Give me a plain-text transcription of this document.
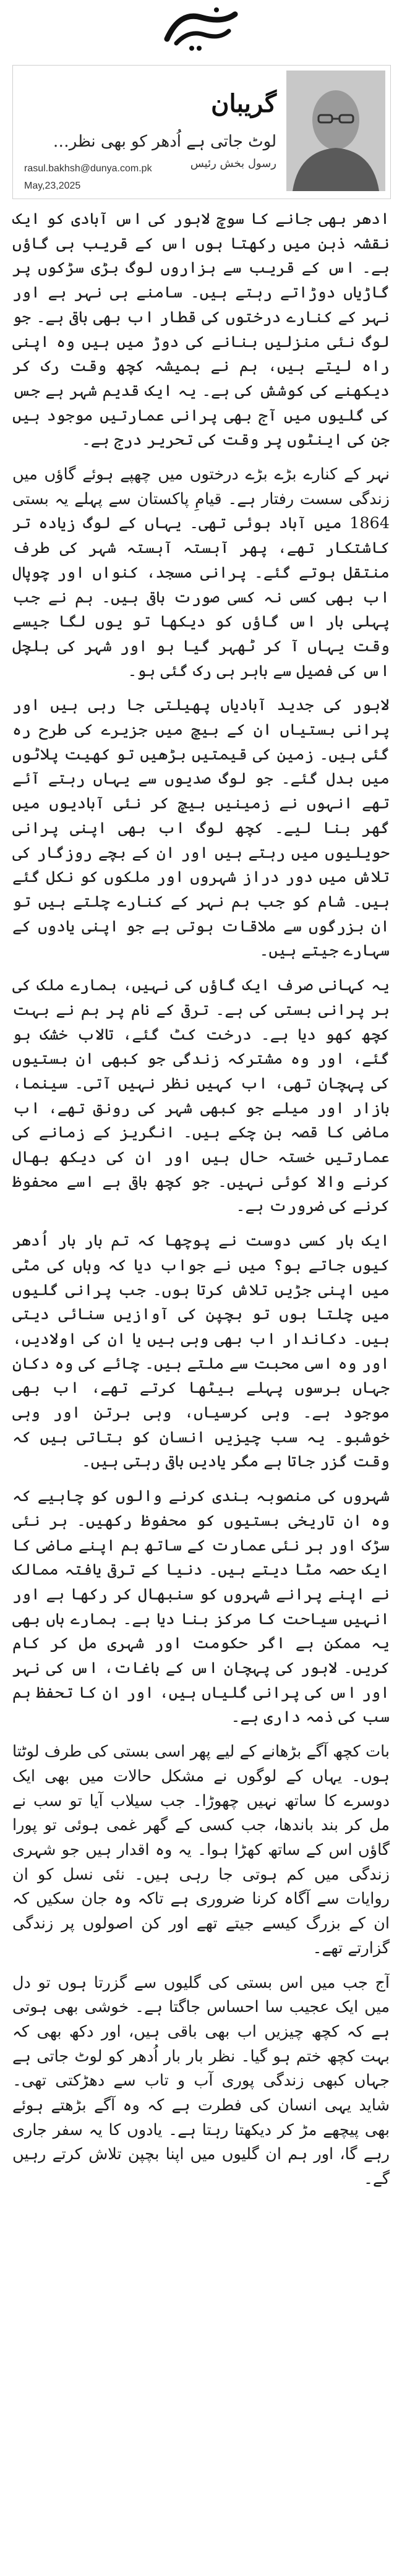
گریبان
لوٹ جاتی ہے اُدھر کو بھی نظر…
رسول بخش رئیس
rasul.bakhsh@dunya.com.pk
May,23,2025

ادھر بھی جانے کا سوچ لاہور کی اس آبادی کو ایک نقشہ ذہن میں رکھتا ہوں اس کے قریب ہی گاؤں ہے۔ اس کے قریب سے ہزاروں لوگ بڑی سڑکوں پر گاڑیاں دوڑاتے رہتے ہیں۔ سامنے ہی نہر ہے اور نہر کے کنارے درختوں کی قطار اب بھی باقی ہے۔ جو لوگ نئی منزلیں بنانے کی دوڑ میں ہیں وہ اپنی راہ لیتے ہیں، ہم نے ہمیشہ کچھ وقت رک کر دیکھنے کی کوشش کی ہے۔ یہ ایک قدیم شہر ہے جس کی گلیوں میں آج بھی پرانی عمارتیں موجود ہیں جن کی اینٹوں پر وقت کی تحریر درج ہے۔

نہر کے کنارے بڑے بڑے درختوں میں چھپے ہوئے گاؤں میں زندگی سست رفتار ہے۔ قیامِ پاکستان سے پہلے یہ بستی 1864 میں آباد ہوئی تھی۔ یہاں کے لوگ زیادہ تر کاشتکار تھے، پھر آہستہ آہستہ شہر کی طرف منتقل ہوتے گئے۔ پرانی مسجد، کنواں اور چوپال اب بھی کسی نہ کسی صورت باقی ہیں۔ ہم نے جب پہلی بار اس گاؤں کو دیکھا تو یوں لگا جیسے وقت یہاں آ کر ٹھہر گیا ہو اور شہر کی ہلچل اس کی فصیل سے باہر ہی رک گئی ہو۔

لاہور کی جدید آبادیاں پھیلتی جا رہی ہیں اور پرانی بستیاں ان کے بیچ میں جزیرے کی طرح رہ گئی ہیں۔ زمین کی قیمتیں بڑھیں تو کھیت پلاٹوں میں بدل گئے۔ جو لوگ صدیوں سے یہاں رہتے آئے تھے انہوں نے زمینیں بیچ کر نئی آبادیوں میں گھر بنا لیے۔ کچھ لوگ اب بھی اپنی پرانی حویلیوں میں رہتے ہیں اور ان کے بچے روزگار کی تلاش میں دور دراز شہروں اور ملکوں کو نکل گئے ہیں۔ شام کو جب ہم نہر کے کنارے چلتے ہیں تو ان بزرگوں سے ملاقات ہوتی ہے جو اپنی یادوں کے سہارے جیتے ہیں۔

یہ کہانی صرف ایک گاؤں کی نہیں، ہمارے ملک کی ہر پرانی بستی کی ہے۔ ترقی کے نام پر ہم نے بہت کچھ کھو دیا ہے۔ درخت کٹ گئے، تالاب خشک ہو گئے، اور وہ مشترکہ زندگی جو کبھی ان بستیوں کی پہچان تھی، اب کہیں نظر نہیں آتی۔ سینما، بازار اور میلے جو کبھی شہر کی رونق تھے، اب ماضی کا قصہ بن چکے ہیں۔ انگریز کے زمانے کی عمارتیں خستہ حال ہیں اور ان کی دیکھ بھال کرنے والا کوئی نہیں۔ جو کچھ باقی ہے اسے محفوظ کرنے کی ضرورت ہے۔

ایک بار کسی دوست نے پوچھا کہ تم بار بار اُدھر کیوں جاتے ہو؟ میں نے جواب دیا کہ وہاں کی مٹی میں اپنی جڑیں تلاش کرتا ہوں۔ جب پرانی گلیوں میں چلتا ہوں تو بچپن کی آوازیں سنائی دیتی ہیں۔ دکاندار اب بھی وہی ہیں یا ان کی اولادیں، اور وہ اسی محبت سے ملتے ہیں۔ چائے کی وہ دکان جہاں برسوں پہلے بیٹھا کرتے تھے، اب بھی موجود ہے۔ وہی کرسیاں، وہی برتن اور وہی خوشبو۔ یہ سب چیزیں انسان کو بتاتی ہیں کہ وقت گزر جاتا ہے مگر یادیں باقی رہتی ہیں۔

شہروں کی منصوبہ بندی کرنے والوں کو چاہیے کہ وہ ان تاریخی بستیوں کو محفوظ رکھیں۔ ہر نئی سڑک اور ہر نئی عمارت کے ساتھ ہم اپنے ماضی کا ایک حصہ مٹا دیتے ہیں۔ دنیا کے ترقی یافتہ ممالک نے اپنے پرانے شہروں کو سنبھال کر رکھا ہے اور انہیں سیاحت کا مرکز بنا دیا ہے۔ ہمارے ہاں بھی یہ ممکن ہے اگر حکومت اور شہری مل کر کام کریں۔ لاہور کی پہچان اس کے باغات، اس کی نہر اور اس کی پرانی گلیاں ہیں، اور ان کا تحفظ ہم سب کی ذمہ داری ہے۔

بات کچھ آگے بڑھانے کے لیے پھر اسی بستی کی طرف لوٹتا ہوں۔ یہاں کے لوگوں نے مشکل حالات میں بھی ایک دوسرے کا ساتھ نہیں چھوڑا۔ جب سیلاب آیا تو سب نے مل کر بند باندھا، جب کسی کے گھر غمی ہوئی تو پورا گاؤں اس کے ساتھ کھڑا ہوا۔ یہ وہ اقدار ہیں جو شہری زندگی میں کم ہوتی جا رہی ہیں۔ نئی نسل کو ان روایات سے آگاہ کرنا ضروری ہے تاکہ وہ جان سکیں کہ ان کے بزرگ کیسے جیتے تھے اور کن اصولوں پر زندگی گزارتے تھے۔

آج جب میں اس بستی کی گلیوں سے گزرتا ہوں تو دل میں ایک عجیب سا احساس جاگتا ہے۔ خوشی بھی ہوتی ہے کہ کچھ چیزیں اب بھی باقی ہیں، اور دکھ بھی کہ بہت کچھ ختم ہو گیا۔ نظر بار بار اُدھر کو لوٹ جاتی ہے جہاں کبھی زندگی پوری آب و تاب سے دھڑکتی تھی۔ شاید یہی انسان کی فطرت ہے کہ وہ آگے بڑھتے ہوئے بھی پیچھے مڑ کر دیکھتا رہتا ہے۔ یادوں کا یہ سفر جاری رہے گا، اور ہم ان گلیوں میں اپنا بچپن تلاش کرتے رہیں گے۔
